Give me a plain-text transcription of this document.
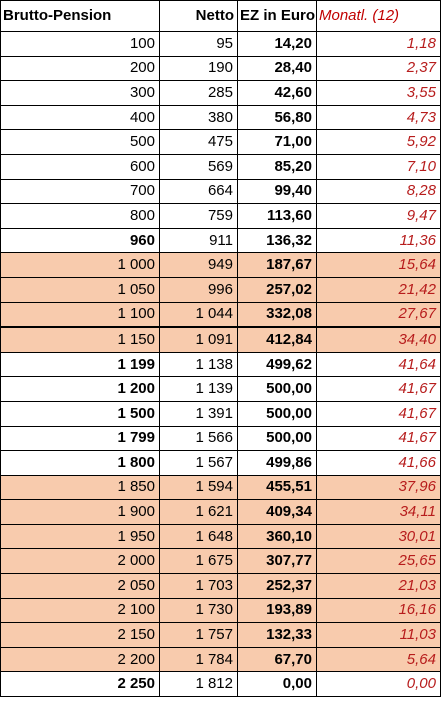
Brutto-Pension	Netto	EZ in Euro	Monatl. (12)
100	95	14,20	1,18
200	190	28,40	2,37
300	285	42,60	3,55
400	380	56,80	4,73
500	475	71,00	5,92
600	569	85,20	7,10
700	664	99,40	8,28
800	759	113,60	9,47
960	911	136,32	11,36
1 000	949	187,67	15,64
1 050	996	257,02	21,42
1 100	1 044	332,08	27,67
1 150	1 091	412,84	34,40
1 199	1 138	499,62	41,64
1 200	1 139	500,00	41,67
1 500	1 391	500,00	41,67
1 799	1 566	500,00	41,67
1 800	1 567	499,86	41,66
1 850	1 594	455,51	37,96
1 900	1 621	409,34	34,11
1 950	1 648	360,10	30,01
2 000	1 675	307,77	25,65
2 050	1 703	252,37	21,03
2 100	1 730	193,89	16,16
2 150	1 757	132,33	11,03
2 200	1 784	67,70	5,64
2 250	1 812	0,00	0,00
